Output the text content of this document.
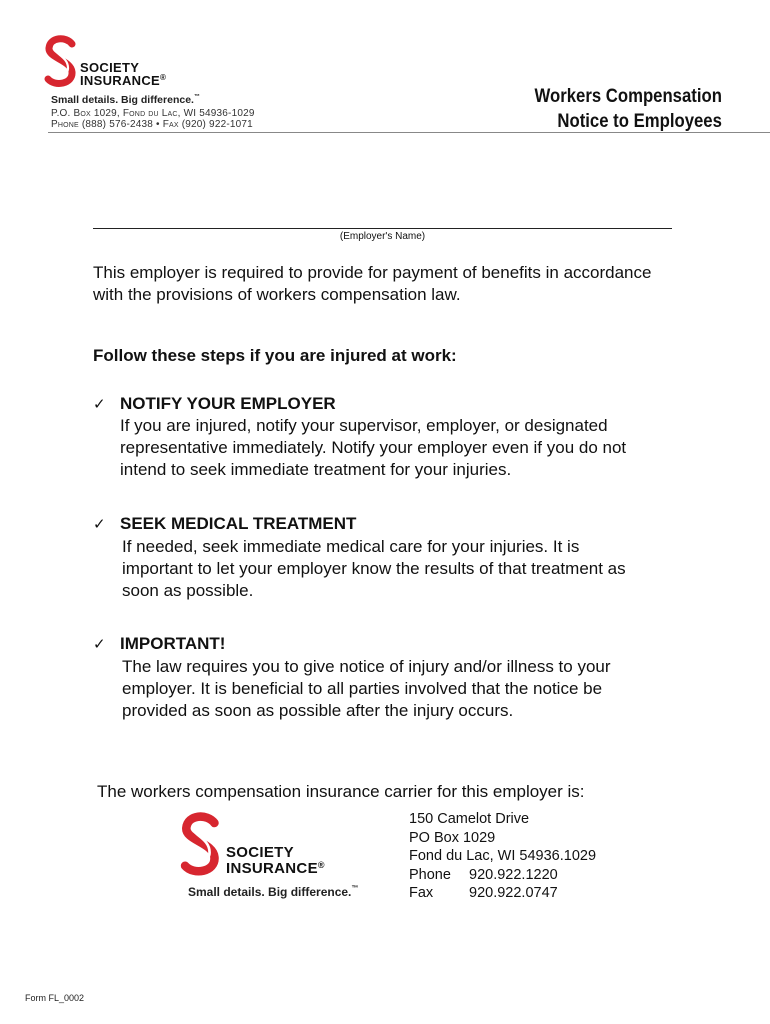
SOCIETY
INSURANCE®
Small details. Big difference.™
P.O. Box 1029, Fond du Lac, WI 54936-1029
Phone (888) 576-2438 • Fax (920) 922-1071
Workers Compensation
Notice to Employees
(Employer's Name)
This employer is required to provide for payment of benefits in accordance
with the provisions of workers compensation law.
Follow these steps if you are injured at work:
✓ NOTIFY YOUR EMPLOYER
If you are injured, notify your supervisor, employer, or designated
representative immediately. Notify your employer even if you do not
intend to seek immediate treatment for your injuries.
✓ SEEK MEDICAL TREATMENT
If needed, seek immediate medical care for your injuries. It is
important to let your employer know the results of that treatment as
soon as possible.
✓ IMPORTANT!
The law requires you to give notice of injury and/or illness to your
employer. It is beneficial to all parties involved that the notice be
provided as soon as possible after the injury occurs.
The workers compensation insurance carrier for this employer is:
SOCIETY
INSURANCE®
Small details. Big difference.™
150 Camelot Drive
PO Box 1029
Fond du Lac, WI 54936.1029
Phone 920.922.1220
Fax 920.922.0747
Form FL_0002
